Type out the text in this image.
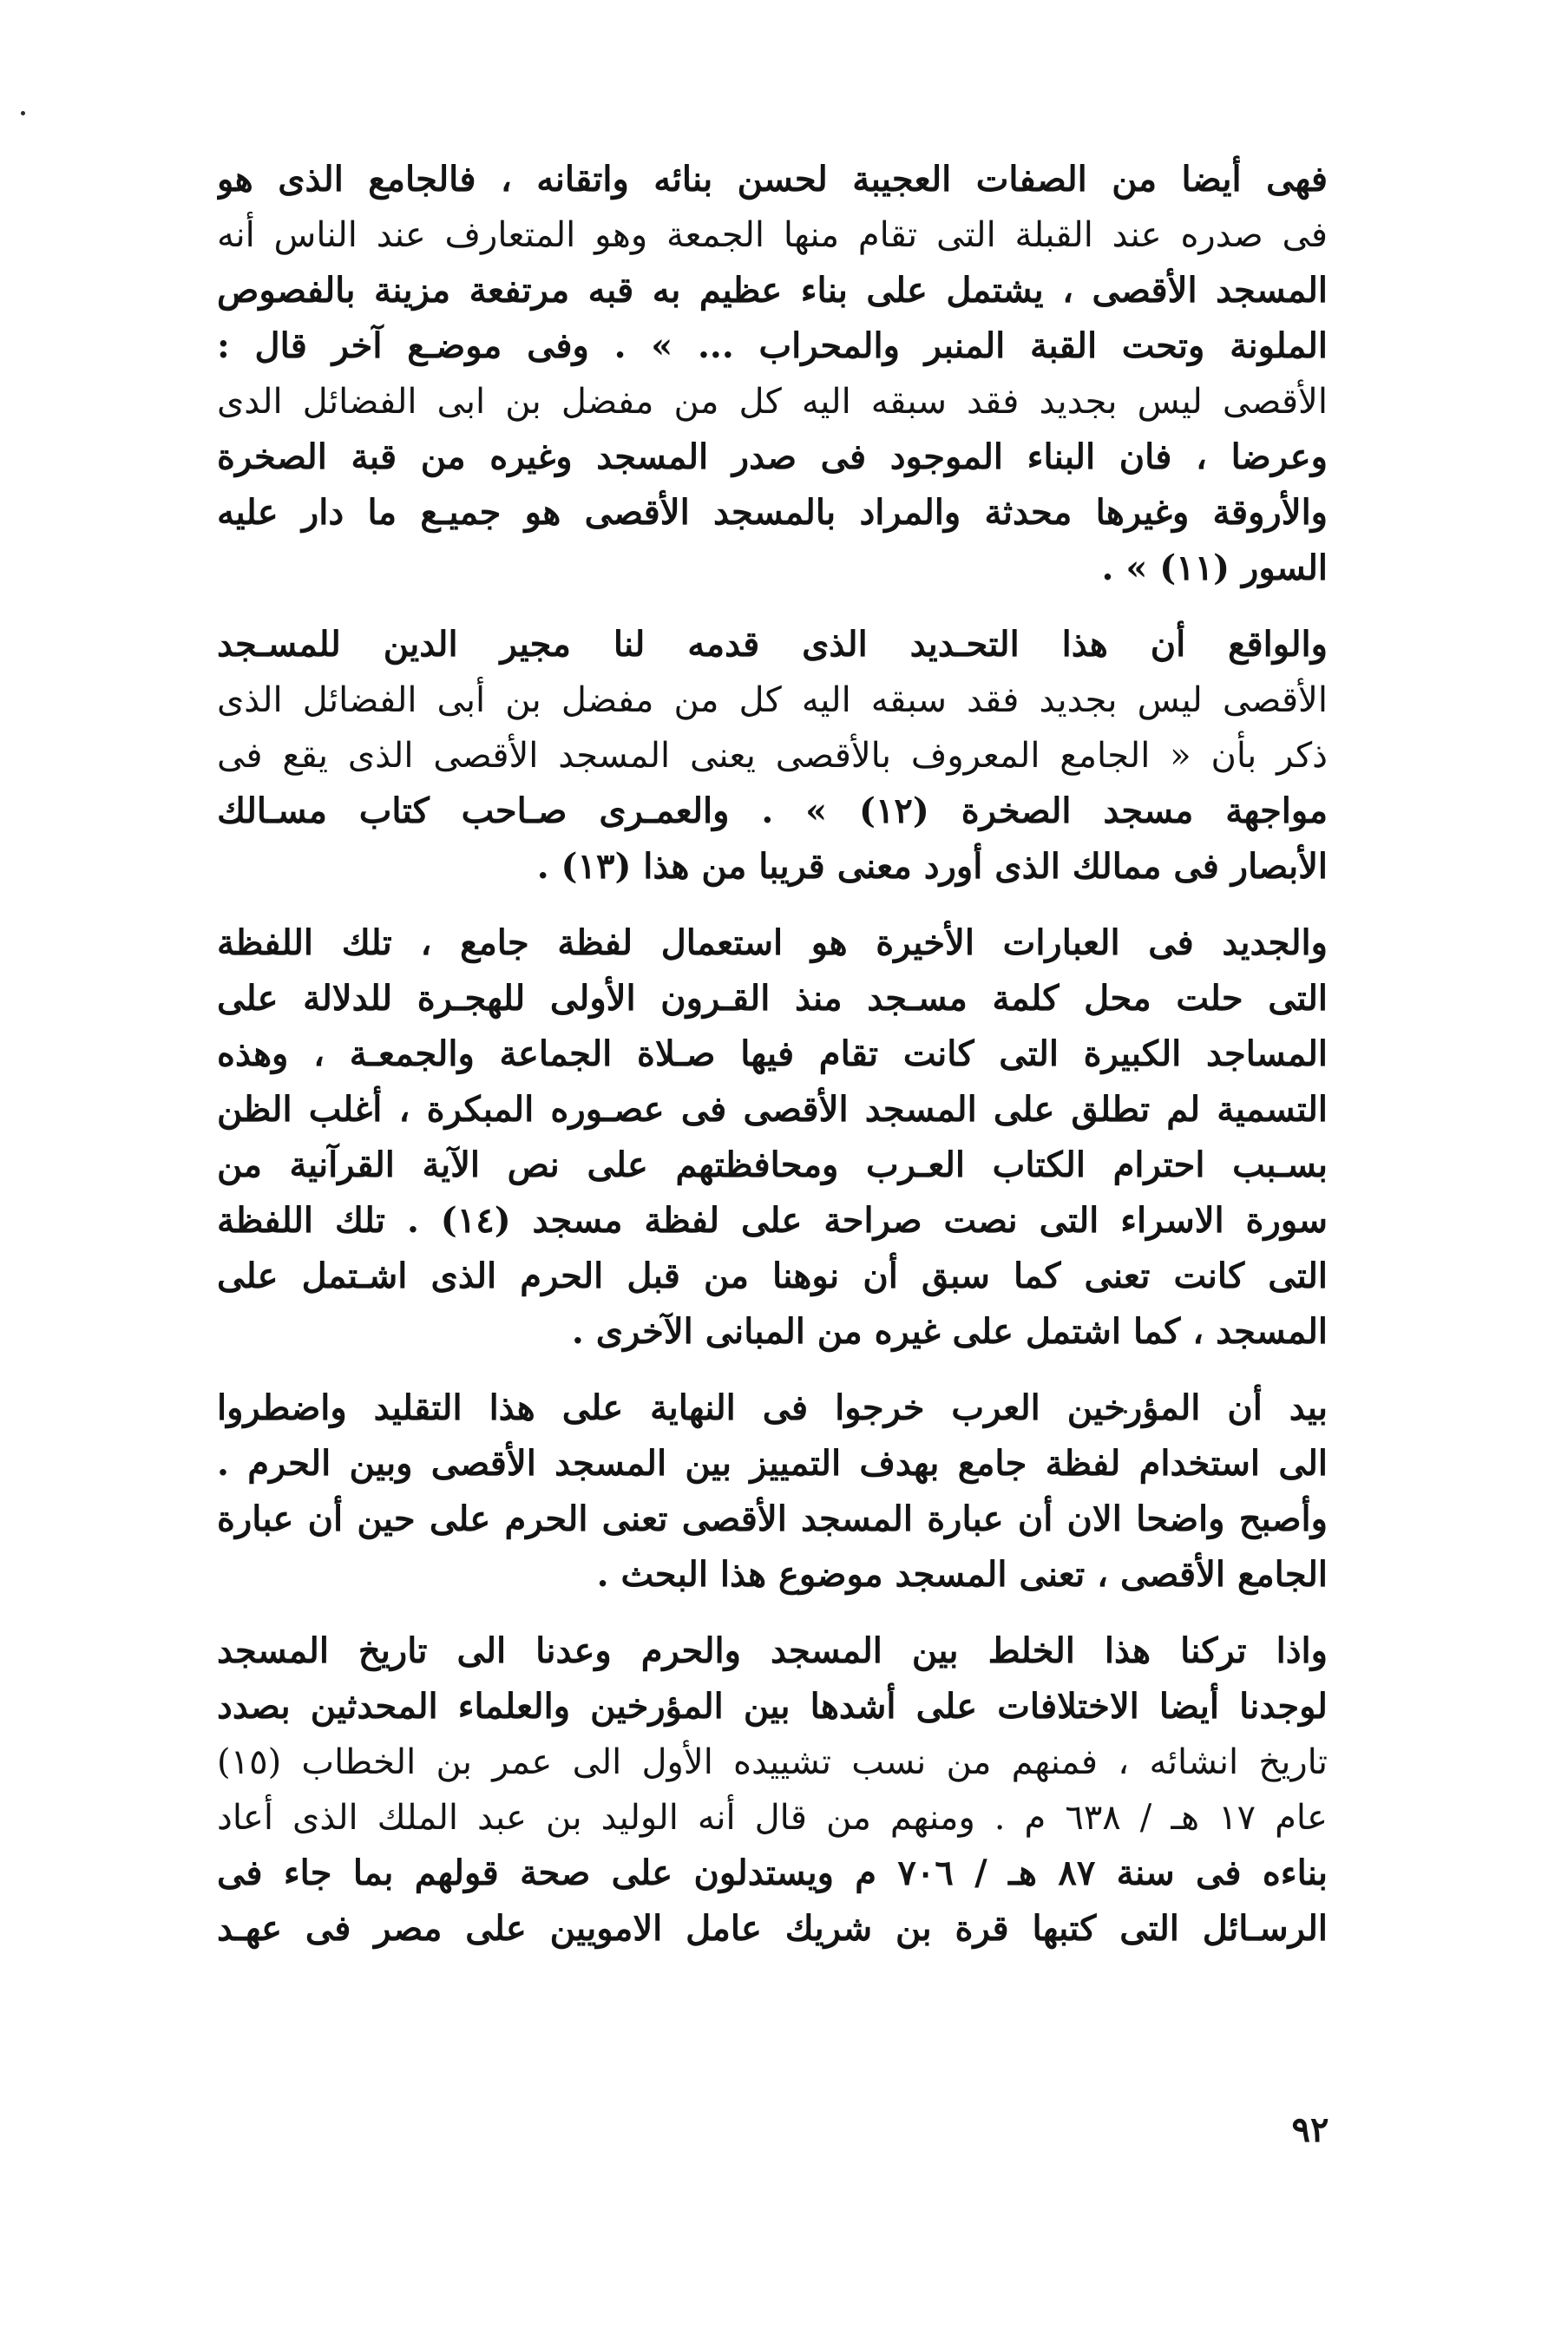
فهى أيضا من الصفات العجيبة لحسن بنائه واتقانه ، فالجامع الذى هو
فى صدره عند القبلة التى تقام منها الجمعة وهو المتعارف عند الناس أنه
المسجد الأقصى ، يشتمل على بناء عظيم به قبه مرتفعة مزينة بالفصوص
الملونة وتحت القبة المنبر والمحراب ... » . وفى موضـع آخر قال :
الأقصى ليس بجديد فقد سبقه اليه كل من مفضل بن ابى الفضائل الدى
وعرضا ، فان البناء الموجود فى صدر المسجد وغيره من قبة الصخرة
والأروقة وغيرها محدثة والمراد بالمسجد الأقصى هو جميـع ما دار عليه
السور (١١) » .
والواقع أن هذا التحـديد الذى قدمه لنا مجير الدين للمسـجد
الأقصى ليس بجديد فقد سبقه اليه كل من مفضل بن أبى الفضائل الذى
ذكر بأن « الجامع المعروف بالأقصى يعنى المسجد الأقصى الذى يقع فى
مواجهة مسجد الصخرة (١٢) » . والعمـرى صـاحب كتاب مسـالك
الأبصار فى ممالك الذى أورد معنى قريبا من هذا (١٣) .
والجديد فى العبارات الأخيرة هو استعمال لفظة جامع ، تلك اللفظة
التى حلت محل كلمة مسـجد منذ القـرون الأولى للهجـرة للدلالة على
المساجد الكبيرة التى كانت تقام فيها صـلاة الجماعة والجمعـة ، وهذه
التسمية لم تطلق على المسجد الأقصى فى عصـوره المبكرة ، أغلب الظن
بسـبب احترام الكتاب العـرب ومحافظتهم على نص الآية القرآنية من
سورة الاسراء التى نصت صراحة على لفظة مسجد (١٤) . تلك اللفظة
التى كانت تعنى كما سبق أن نوهنا من قبل الحرم الذى اشـتمل على
المسجد ، كما اشتمل على غيره من المبانى الآخرى .
بيد أن المؤرخين العرب خرجوا فى النهاية على هذا التقليد واضطروا
الى استخدام لفظة جامع بهدف التمييز بين المسجد الأقصى وبين الحرم .
وأصبح واضحا الان أن عبارة المسجد الأقصى تعنى الحرم على حين أن عبارة
الجامع الأقصى ، تعنى المسجد موضوع هذا البحث .
واذا تركنا هذا الخلط بين المسجد والحرم وعدنا الى تاريخ المسجد
لوجدنا أيضا الاختلافات على أشدها بين المؤرخين والعلماء المحدثين بصدد
تاريخ انشائه ، فمنهم من نسب تشييده الأول الى عمر بن الخطاب (١٥)
عام ١٧ هـ / ٦٣٨ م . ومنهم من قال أنه الوليد بن عبد الملك الذى أعاد
بناءه فى سنة ٨٧ هـ / ٧٠٦ م ويستدلون على صحة قولهم بما جاء فى
الرسـائل التى كتبها قرة بن شريك عامل الامويين على مصر فى عهـد
٩٢
